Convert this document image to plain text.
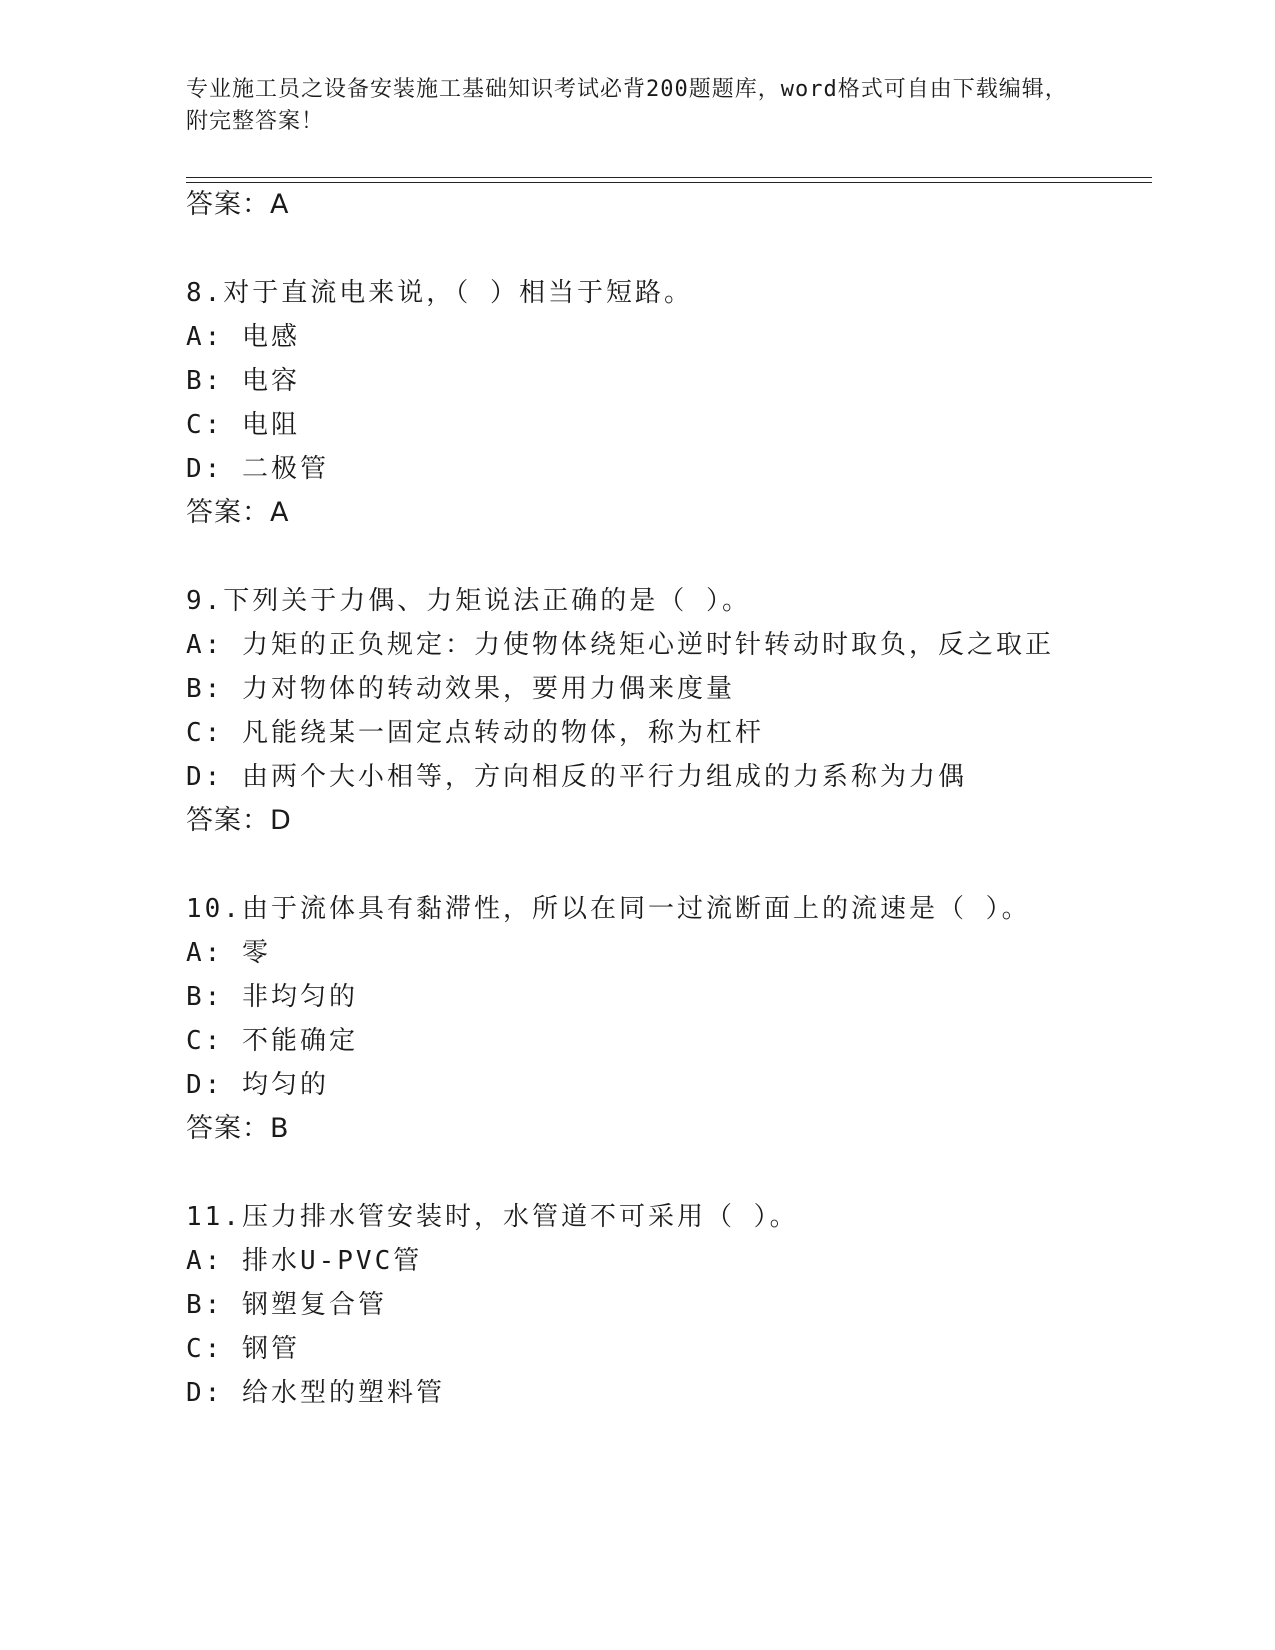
专业施工员之设备安装施工基础知识考试必背200题题库，word格式可自由下载编辑，附完整答案！
答案：A
8.对于直流电来说，（ ）相当于短路。
A: 电感
B: 电容
C: 电阻
D: 二极管
答案：A
9.下列关于力偶、力矩说法正确的是（ ）。
A: 力矩的正负规定：力使物体绕矩心逆时针转动时取负，反之取正
B: 力对物体的转动效果，要用力偶来度量
C: 凡能绕某一固定点转动的物体，称为杠杆
D: 由两个大小相等，方向相反的平行力组成的力系称为力偶
答案：D
10.由于流体具有黏滞性，所以在同一过流断面上的流速是（ ）。
A: 零
B: 非均匀的
C: 不能确定
D: 均匀的
答案：B
11.压力排水管安装时，水管道不可采用（ ）。
A: 排水U-PVC管
B: 钢塑复合管
C: 钢管
D: 给水型的塑料管
